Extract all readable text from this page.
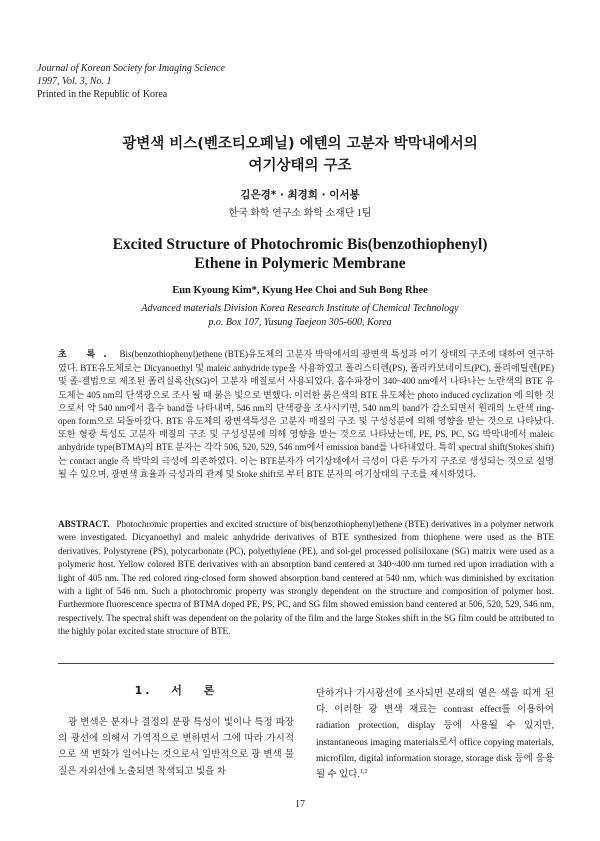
Journal of Korean Society for Imaging Science
1997, Vol. 3, No. 1
Printed in the Republic of Korea
광변색 비스(벤조티오페닐) 에텐의 고분자 박막내에서의
여기상태의 구조
김은경* · 최경희 · 이서봉
한국 화학 연구소 화학 소재단 1팀
Excited Structure of Photochromic Bis(benzothiophenyl)
Ethene in Polymeric Membrane
Eun Kyoung Kim*, Kyung Hee Choi and Suh Bong Rhee
Advanced materials Division Korea Research Institute of Chemical Technology
p.o. Box 107, Yusung Taejeon 305-600, Korea
초 록. Bis(benzothiophenyl)ethene (BTE)유도체의 고분자 박막에서의 광변색 특성과 여기 상태의 구조에 대하여 연구하였다. BTE유도체로는 Dicyanoethyl 및 maleic anhydride type을 사용하였고 폴리스티렌(PS), 폴리카보네이트(PC), 폴리에틸렌(PE) 및 졸-겔법으로 제조된 폴리실록산(SG)이 고분자 매질로서 사용되었다. 흡수파장이 340~400 nm에서 나타나는 노란색의 BTE 유도체는 405 nm의 단색광으로 조사 될 때 붉은 빛으로 변했다. 이러한 붉은색의 BTE 유도체는 photo induced cyclization 에 의한 것으로서 약 540 nm에서 흡수 band를 나타내며, 546 nm의 단색광을 조사시키면, 540 nm의 band가 감소되면서 원래의 노란색 ring-open form으로 되돌아갔다. BTE 유도체의 광변색특성은 고분자 매질의 구조 및 구성성분에 의해 영향을 받는 것으로 나타났다. 또한 형광 특성도 고분자 매질의 구조 및 구성성분에 의해 영향을 받는 것으로 나타났는데, PE, PS, PC, SG 박막내에서 maleic anhydride type(BTMA)의 BTE 분자는 각각 506, 520, 529, 546 nm에서 emission band를 나타내었다. 특히 spectral shift(Stokes shift)는 contact angle 즉 박막의 극성에 의존하였다. 이는 BTE분자가 여기상태에서 극성이 다른 두가지 구조로 생성되는 것으로 설명될 수 있으며, 광변색 효율과 극성과의 관계 및 Stoke shift로 부터 BTE 분자의 여기상태의 구조를 제시하였다.
ABSTRACT. Photochromic properties and excited structure of bis(benzothiophenyl)ethene (BTE) derivatives in a polymer network were investigated. Dicyanoethyl and maleic anhydride derivatives of BTE synthesized from thiophene were used as the BTE derivatives. Polystyrene (PS), polycarbonate (PC), polyethylene (PE), and sol-gel processed polisiloxane (SG) matrix were used as a polymeric host. Yellow colored BTE derivatives with an absorption band centered at 340~400 nm turned red upon irradiation with a light of 405 nm. The red colored ring-closed form showed absorption band centered at 540 nm, which was diminished by excitation with a light of 546 nm. Such a photochromic property was strongly dependent on the structure and composition of polymer host. Furthermore fluorescence spectra of BTMA doped PE, PS, PC, and SG film showed emission band centered at 506, 520, 529, 546 nm, respectively. The spectral shift was dependent on the polarity of the film and the large Stokes shift in the SG film could be attributed to the highly polar excited state structure of BTE.
1. 서 론
광 변색은 분자나 결정의 분광 특성이 빛이나 특정 파장의 광선에 의해서 가역적으로 변하면서 그에 따라 가시적으로 색 변화가 일어나는 것으로서 일반적으로 광 변색 물질은 자외선에 노출되면 착색되고 빛을 차
단하거나 가시광선에 조사되면 본래의 옅은 색을 띠게 된다. 이러한 광 변색 재료는 contrast effect를 이용하여 radiation protection, display 등에 사용될 수 있지만, instantaneous imaging materials로서 office copying materials, microfilm, digital information storage, storage disk 등에 응용될 수 있다.$^{1,2}$
17
